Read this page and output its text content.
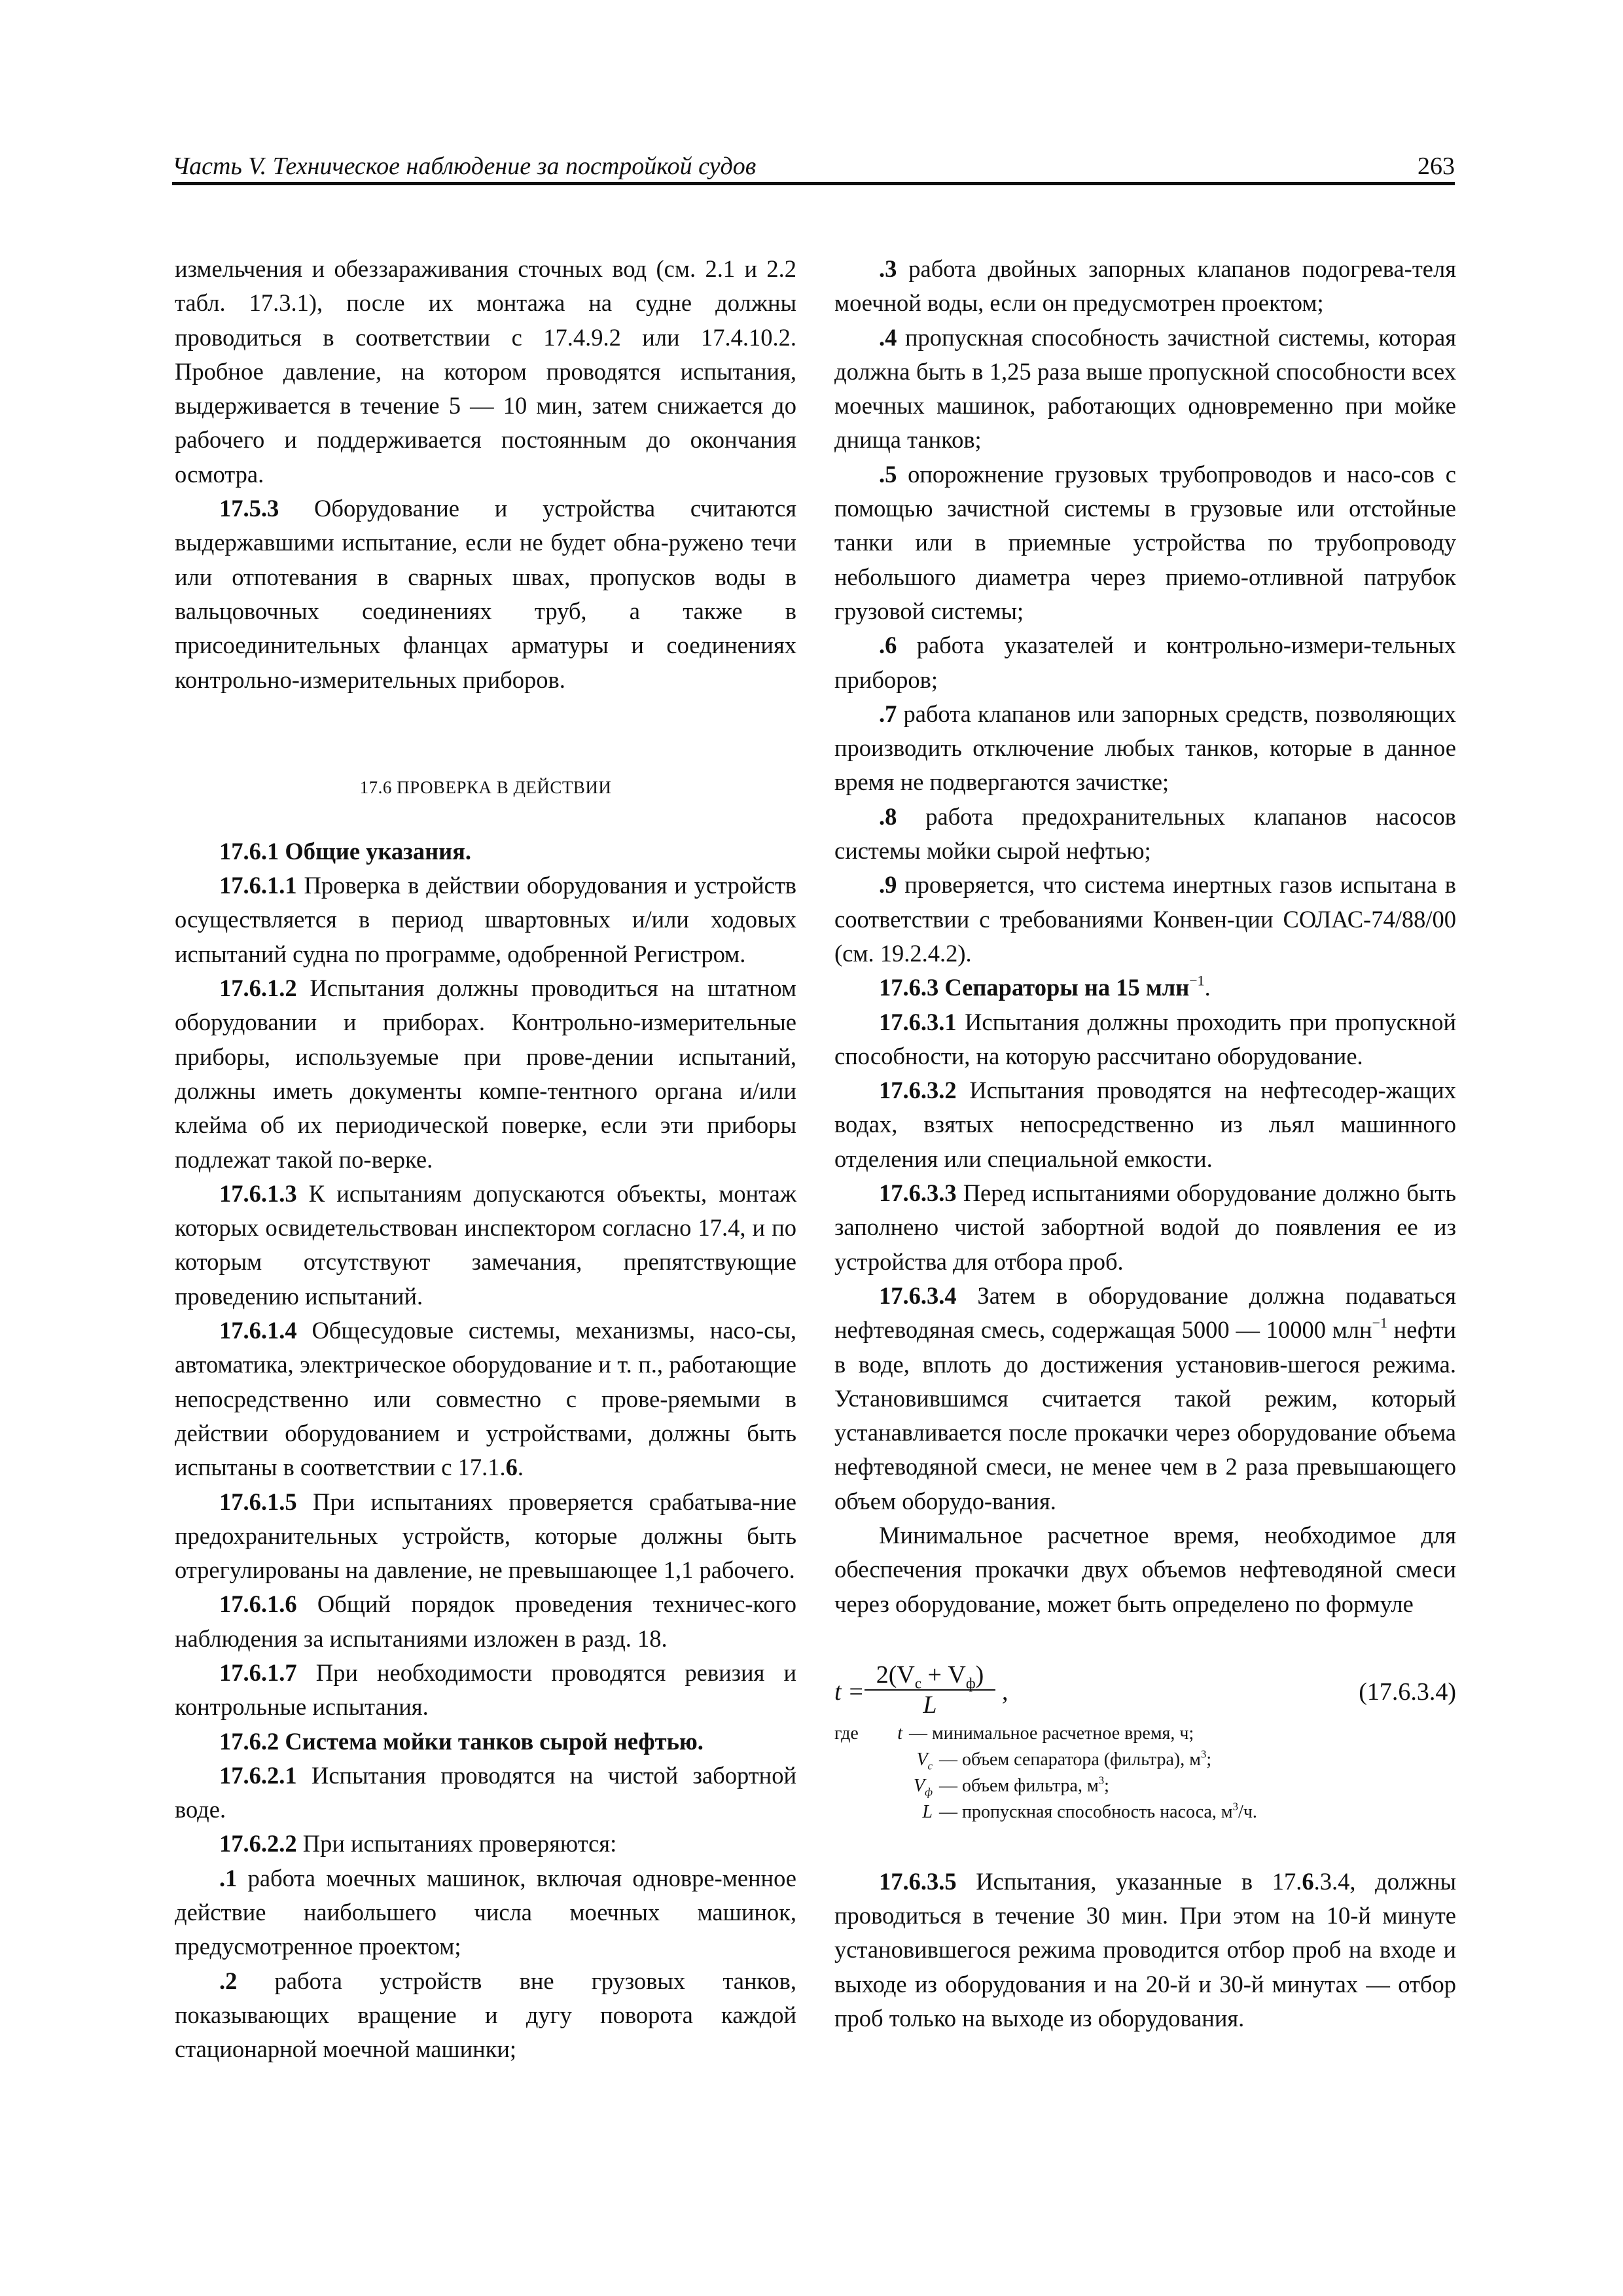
Часть V. Техническое наблюдение за постройкой судов	263

измельчения и обеззараживания сточных вод (см. 2.1 и 2.2 табл. 17.3.1), после их монтажа на судне должны проводиться в соответствии с 17.4.9.2 или 17.4.10.2. Пробное давление, на котором проводятся испытания, выдерживается в течение 5 — 10 мин, затем снижается до рабочего и поддерживается постоянным до окончания осмотра.

17.5.3 Оборудование и устройства считаются выдержавшими испытание, если не будет обна-ружено течи или отпотевания в сварных швах, пропусков воды в вальцовочных соединениях труб, а также в присоединительных фланцах арматуры и соединениях контрольно-измерительных приборов.

17.6 ПРОВЕРКА В ДЕЙСТВИИ

17.6.1 Общие указания.

17.6.1.1 Проверка в действии оборудования и устройств осуществляется в период швартовных и/или ходовых испытаний судна по программе, одобренной Регистром.

17.6.1.2 Испытания должны проводиться на штатном оборудовании и приборах. Контрольно-измерительные приборы, используемые при прове-дении испытаний, должны иметь документы компе-тентного органа и/или клейма об их периодической поверке, если эти приборы подлежат такой по-верке.

17.6.1.3 К испытаниям допускаются объекты, монтаж которых освидетельствован инспектором согласно 17.4, и по которым отсутствуют замечания, препятствующие проведению испытаний.

17.6.1.4 Общесудовые системы, механизмы, насо-сы, автоматика, электрическое оборудование и т. п., работающие непосредственно или совместно с прове-ряемыми в действии оборудованием и устройствами, должны быть испытаны в соответствии с 17.1.6.

17.6.1.5 При испытаниях проверяется срабатыва-ние предохранительных устройств, которые должны быть отрегулированы на давление, не превышающее 1,1 рабочего.

17.6.1.6 Общий порядок проведения техничес-кого наблюдения за испытаниями изложен в разд. 18.

17.6.1.7 При необходимости проводятся ревизия и контрольные испытания.

17.6.2 Система мойки танков сырой нефтью.

17.6.2.1 Испытания проводятся на чистой забортной воде.

17.6.2.2 При испытаниях проверяются:

.1 работа моечных машинок, включая одновре-менное действие наибольшего числа моечных машинок, предусмотренное проектом;

.2 работа устройств вне грузовых танков, показывающих вращение и дугу поворота каждой стационарной моечной машинки;

.3 работа двойных запорных клапанов подогрева-теля моечной воды, если он предусмотрен проектом;

.4 пропускная способность зачистной системы, которая должна быть в 1,25 раза выше пропускной способности всех моечных машинок, работающих одновременно при мойке днища танков;

.5 опорожнение грузовых трубопроводов и насо-сов с помощью зачистной системы в грузовые или отстойные танки или в приемные устройства по трубопроводу небольшого диаметра через приемо-отливной патрубок грузовой системы;

.6 работа указателей и контрольно-измери-тельных приборов;

.7 работа клапанов или запорных средств, позволяющих производить отключение любых танков, которые в данное время не подвергаются зачистке;

.8 работа предохранительных клапанов насосов системы мойки сырой нефтью;

.9 проверяется, что система инертных газов испытана в соответствии с требованиями Конвен-ции СОЛАС-74/88/00 (см. 19.2.4.2).

17.6.3 Сепараторы на 15 млн$^{-1}$.

17.6.3.1 Испытания должны проходить при пропускной способности, на которую рассчитано оборудование.

17.6.3.2 Испытания проводятся на нефтесодер-жащих водах, взятых непосредственно из льял машинного отделения или специальной емкости.

17.6.3.3 Перед испытаниями оборудование должно быть заполнено чистой забортной водой до появления ее из устройства для отбора проб.

17.6.3.4 Затем в оборудование должна подаваться нефтеводяная смесь, содержащая 5000 — 10000 млн$^{-1}$ нефти в воде, вплоть до достижения установив-шегося режима. Установившимся считается такой режим, который устанавливается после прокачки через оборудование объема нефтеводяной смеси, не менее чем в 2 раза превышающего объем оборудо-вания.

Минимальное расчетное время, необходимое для обеспечения прокачки двух объемов нефтеводяной смеси через оборудование, может быть определено по формуле

t =
$2(V_с + V_ф)$
L	,	(17.6.3.4)
где	t — минимальное расчетное время, ч;
$V_с$ — объем сепаратора (фильтра), $м^3$;
$V_ф$ — объем фильтра, $м^3$;
L — пропускная способность насоса, $м^3/ч$.

17.6.3.5 Испытания, указанные в 17.6.3.4, должны проводиться в течение 30 мин. При этом на 10-й минуте установившегося режима проводится отбор проб на входе и выходе из оборудования и на 20-й и 30-й минутах — отбор проб только на выходе из оборудования.
